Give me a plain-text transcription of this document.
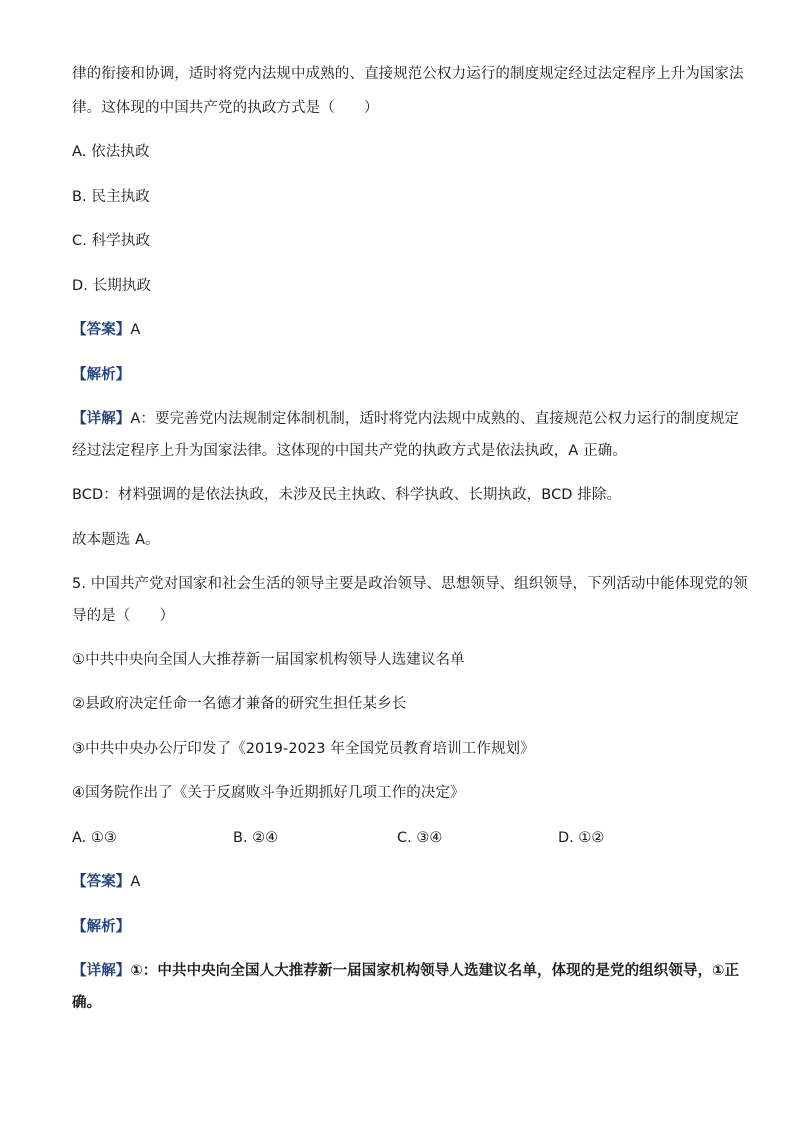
律的衔接和协调，适时将党内法规中成熟的、直接规范公权力运行的制度规定经过法定程序上升为国家法
律。这体现的中国共产党的执政方式是（　　）
A. 依法执政
B. 民主执政
C. 科学执政
D. 长期执政
【答案】A
【解析】
【详解】A：要完善党内法规制定体制机制，适时将党内法规中成熟的、直接规范公权力运行的制度规定
经过法定程序上升为国家法律。这体现的中国共产党的执政方式是依法执政，A 正确。
BCD：材料强调的是依法执政，未涉及民主执政、科学执政、长期执政，BCD 排除。
故本题选 A。
5. 中国共产党对国家和社会生活的领导主要是政治领导、思想领导、组织领导，下列活动中能体现党的领
导的是（　　）
①中共中央向全国人大推荐新一届国家机构领导人选建议名单
②县政府决定任命一名德才兼备的研究生担任某乡长
③中共中央办公厅印发了《2019-2023 年全国党员教育培训工作规划》
④国务院作出了《关于反腐败斗争近期抓好几项工作的决定》
A. ①③	B. ②④	C. ③④	D. ①②
【答案】A
【解析】
【详解】①：中共中央向全国人大推荐新一届国家机构领导人选建议名单，体现的是党的组织领导，①正
确。
